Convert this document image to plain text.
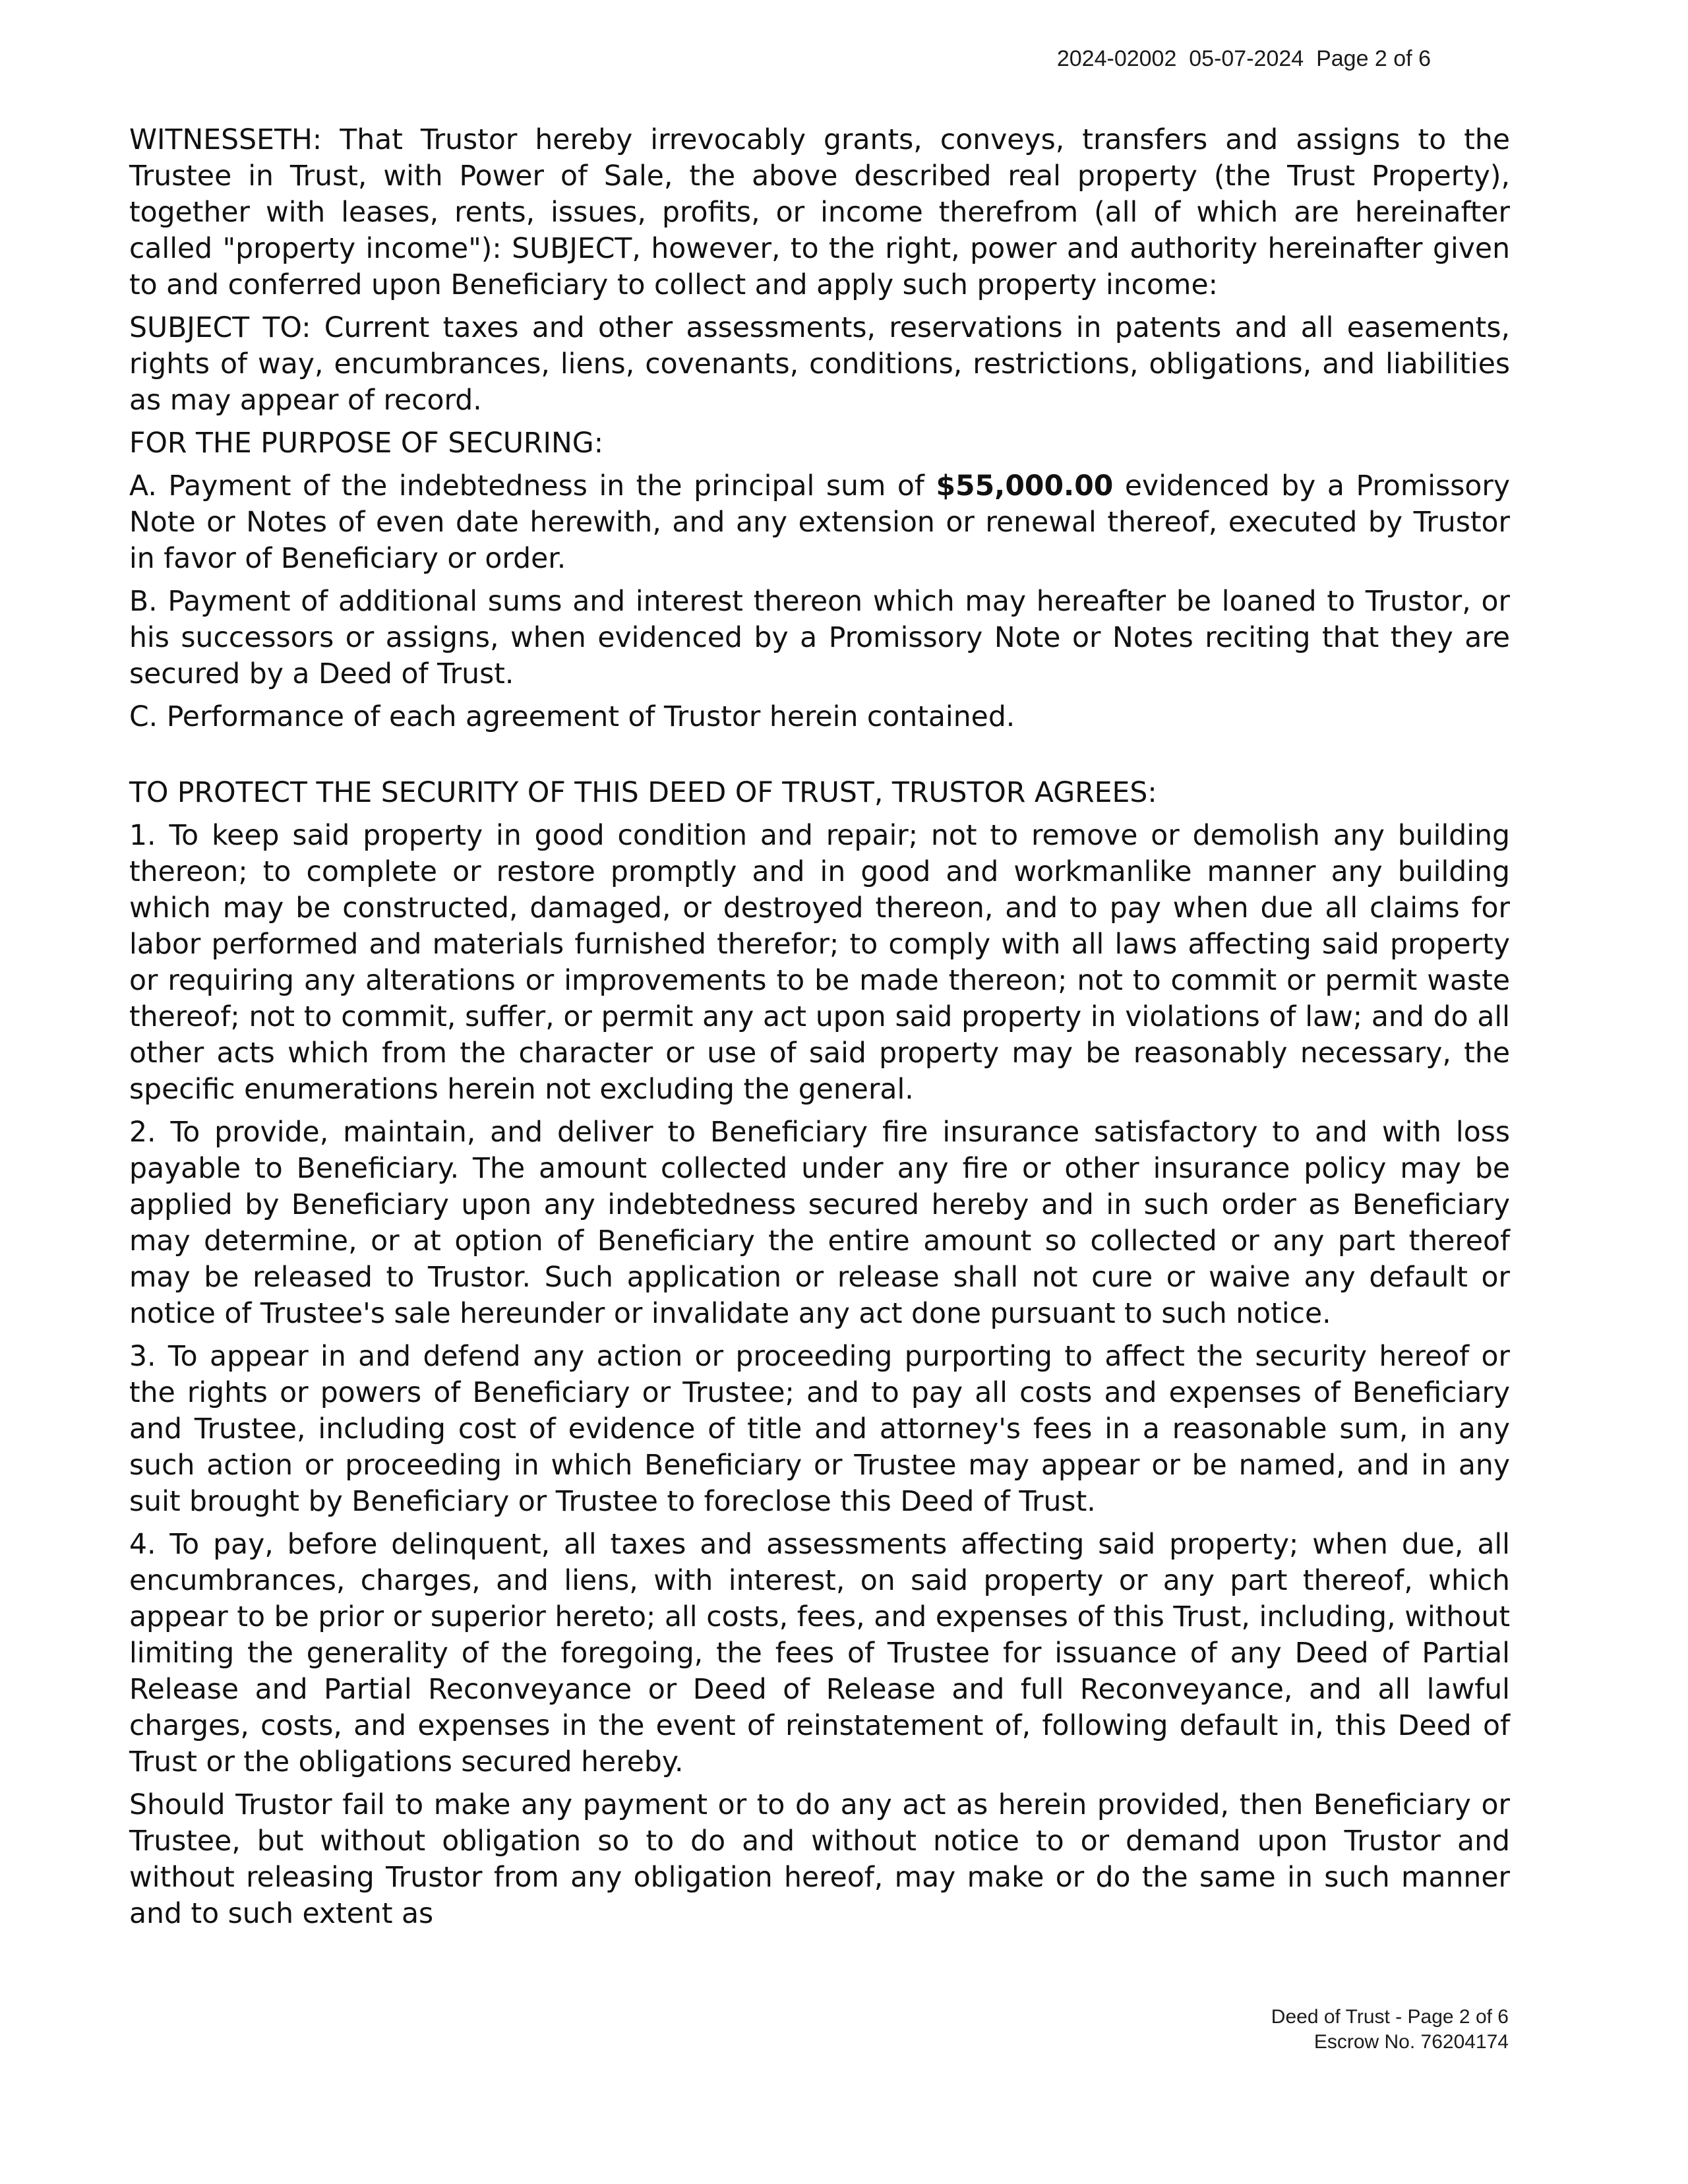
2024-02002  05-07-2024  Page 2 of 6

WITNESSETH: That Trustor hereby irrevocably grants, conveys, transfers and assigns to the Trustee in Trust, with Power of Sale, the above described real property (the Trust Property), together with leases, rents, issues, profits, or income therefrom (all of which are hereinafter called "property income"): SUBJECT, however, to the right, power and authority hereinafter given to and conferred upon Beneficiary to collect and apply such property income:

SUBJECT TO: Current taxes and other assessments, reservations in patents and all easements, rights of way, encumbrances, liens, covenants, conditions, restrictions, obligations, and liabilities as may appear of record.

FOR THE PURPOSE OF SECURING:

A. Payment of the indebtedness in the principal sum of $55,000.00 evidenced by a Promissory Note or Notes of even date herewith, and any extension or renewal thereof, executed by Trustor in favor of Beneficiary or order.

B. Payment of additional sums and interest thereon which may hereafter be loaned to Trustor, or his successors or assigns, when evidenced by a Promissory Note or Notes reciting that they are secured by a Deed of Trust.

C. Performance of each agreement of Trustor herein contained.

TO PROTECT THE SECURITY OF THIS DEED OF TRUST, TRUSTOR AGREES:

1. To keep said property in good condition and repair; not to remove or demolish any building thereon; to complete or restore promptly and in good and workmanlike manner any building which may be constructed, damaged, or destroyed thereon, and to pay when due all claims for labor performed and materials furnished therefor; to comply with all laws affecting said property or requiring any alterations or improvements to be made thereon; not to commit or permit waste thereof; not to commit, suffer, or permit any act upon said property in violations of law; and do all other acts which from the character or use of said property may be reasonably necessary, the specific enumerations herein not excluding the general.

2. To provide, maintain, and deliver to Beneficiary fire insurance satisfactory to and with loss payable to Beneficiary. The amount collected under any fire or other insurance policy may be applied by Beneficiary upon any indebtedness secured hereby and in such order as Beneficiary may determine, or at option of Beneficiary the entire amount so collected or any part thereof may be released to Trustor. Such application or release shall not cure or waive any default or notice of Trustee's sale hereunder or invalidate any act done pursuant to such notice.

3. To appear in and defend any action or proceeding purporting to affect the security hereof or the rights or powers of Beneficiary or Trustee; and to pay all costs and expenses of Beneficiary and Trustee, including cost of evidence of title and attorney's fees in a reasonable sum, in any such action or proceeding in which Beneficiary or Trustee may appear or be named, and in any suit brought by Beneficiary or Trustee to foreclose this Deed of Trust.

4. To pay, before delinquent, all taxes and assessments affecting said property; when due, all encumbrances, charges, and liens, with interest, on said property or any part thereof, which appear to be prior or superior hereto; all costs, fees, and expenses of this Trust, including, without limiting the generality of the foregoing, the fees of Trustee for issuance of any Deed of Partial Release and Partial Reconveyance or Deed of Release and full Reconveyance, and all lawful charges, costs, and expenses in the event of reinstatement of, following default in, this Deed of Trust or the obligations secured hereby.

Should Trustor fail to make any payment or to do any act as herein provided, then Beneficiary or Trustee, but without obligation so to do and without notice to or demand upon Trustor and without releasing Trustor from any obligation hereof, may make or do the same in such manner and to such extent as

Deed of Trust - Page 2 of 6
Escrow No. 76204174
